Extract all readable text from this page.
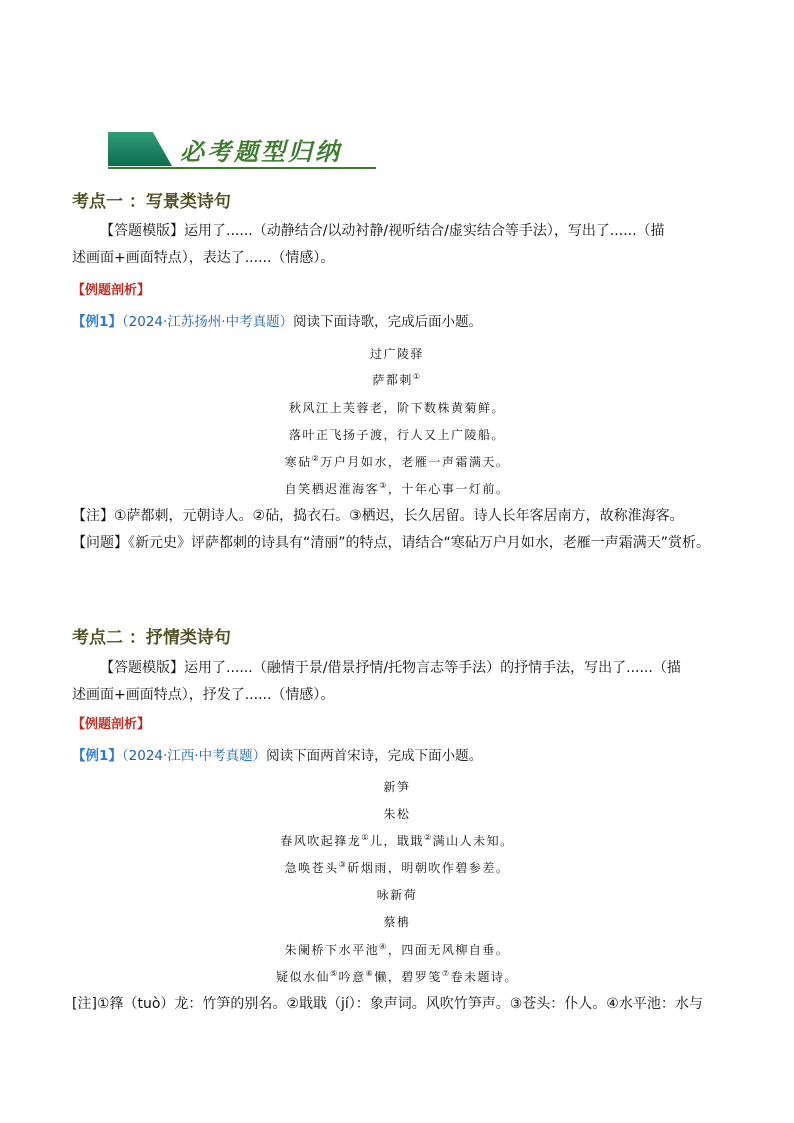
必考题型归纳
考点一 ：写景类诗句
【答题模版】运用了......（动静结合/以动衬静/视听结合/虚实结合等手法），写出了......（描
述画面+画面特点），表达了......（情感）。
【例题剖析】
【例1】（2024·江苏扬州·中考真题）阅读下面诗歌，完成后面小题。
过广陵驿
萨都刺①
秋风江上芙蓉老，阶下数株黄菊鲜。
落叶正飞扬子渡，行人又上广陵船。
寒砧②万户月如水，老雁一声霜满天。
自笑栖迟淮海客③，十年心事一灯前。
【注】①萨都刺，元朝诗人。②砧，捣衣石。③栖迟，长久居留。诗人长年客居南方，故称淮海客。
【问题】《新元史》评萨都刺的诗具有“清丽”的特点，请结合“寒砧万户月如水，老雁一声霜满天”赏析。
考点二 ：抒情类诗句
【答题模版】运用了......（融情于景/借景抒情/托物言志等手法）的抒情手法，写出了......（描
述画面+画面特点），抒发了......（情感）。
【例题剖析】
【例1】（2024·江西·中考真题）阅读下面两首宋诗，完成下面小题。
新笋
朱松
春风吹起箨龙①儿，戢戢②满山人未知。
急唤苍头③斫烟雨，明朝吹作碧参差。
咏新荷
蔡柟
朱阑桥下水平池④，四面无风柳自垂。
疑似水仙⑤吟意⑥懒，碧罗笺⑦卷未题诗。
[注]①箨（tuò）龙：竹笋的别名。②戢戢（jí）：象声词。风吹竹笋声。③苍头：仆人。④水平池：水与
